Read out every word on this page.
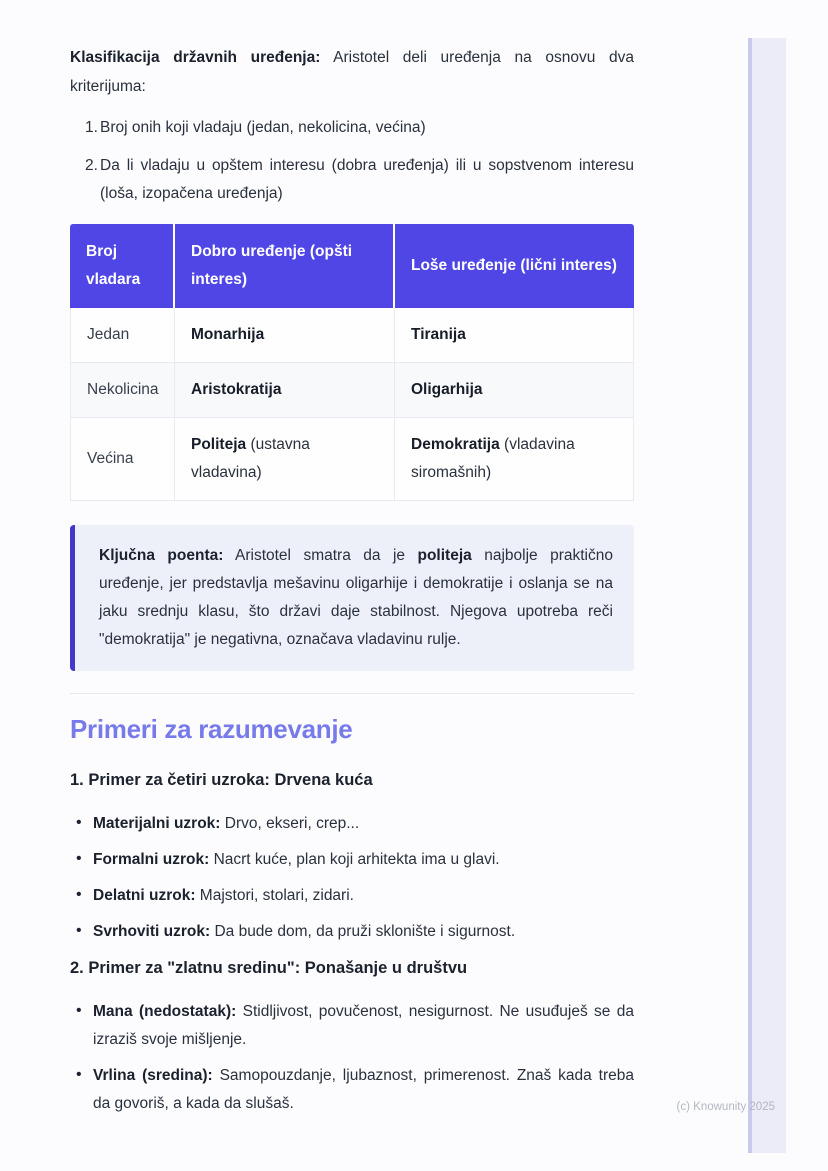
Klasifikacija državnih uređenja: Aristotel deli uređenja na osnovu dva kriterijuma:

1. Broj onih koji vladaju (jedan, nekolicina, većina)
2. Da li vladaju u opštem interesu (dobra uređenja) ili u sopstvenom interesu (loša, izopačena uređenja)
Broj vladara	Dobro uređenje (opšti interes)	Loše uređenje (lični interes)
Jedan	Monarhija	Tiranija
Nekolicina	Aristokratija	Oligarhija
Većina	Politeja (ustavna vladavina)	Demokratija (vladavina siromašnih)
Ključna poenta: Aristotel smatra da je politeja najbolje praktično uređenje, jer predstavlja mešavinu oligarhije i demokratije i oslanja se na jaku srednju klasu, što državi daje stabilnost. Njegova upotreba reči "demokratija" je negativna, označava vladavinu rulje.
Primeri za razumevanje
1. Primer za četiri uzroka: Drvena kuća
• Materijalni uzrok: Drvo, ekseri, crep...
• Formalni uzrok: Nacrt kuće, plan koji arhitekta ima u glavi.
• Delatni uzrok: Majstori, stolari, zidari.
• Svrhoviti uzrok: Da bude dom, da pruži sklonište i sigurnost.
2. Primer za "zlatnu sredinu": Ponašanje u društvu
• Mana (nedostatak): Stidljivost, povučenost, nesigurnost. Ne usuđuješ se da izraziš svoje mišljenje.
• Vrlina (sredina): Samopouzdanje, ljubaznost, primerenost. Znaš kada treba da govoriš, a kada da slušaš.	(c) Knowunity 2025
